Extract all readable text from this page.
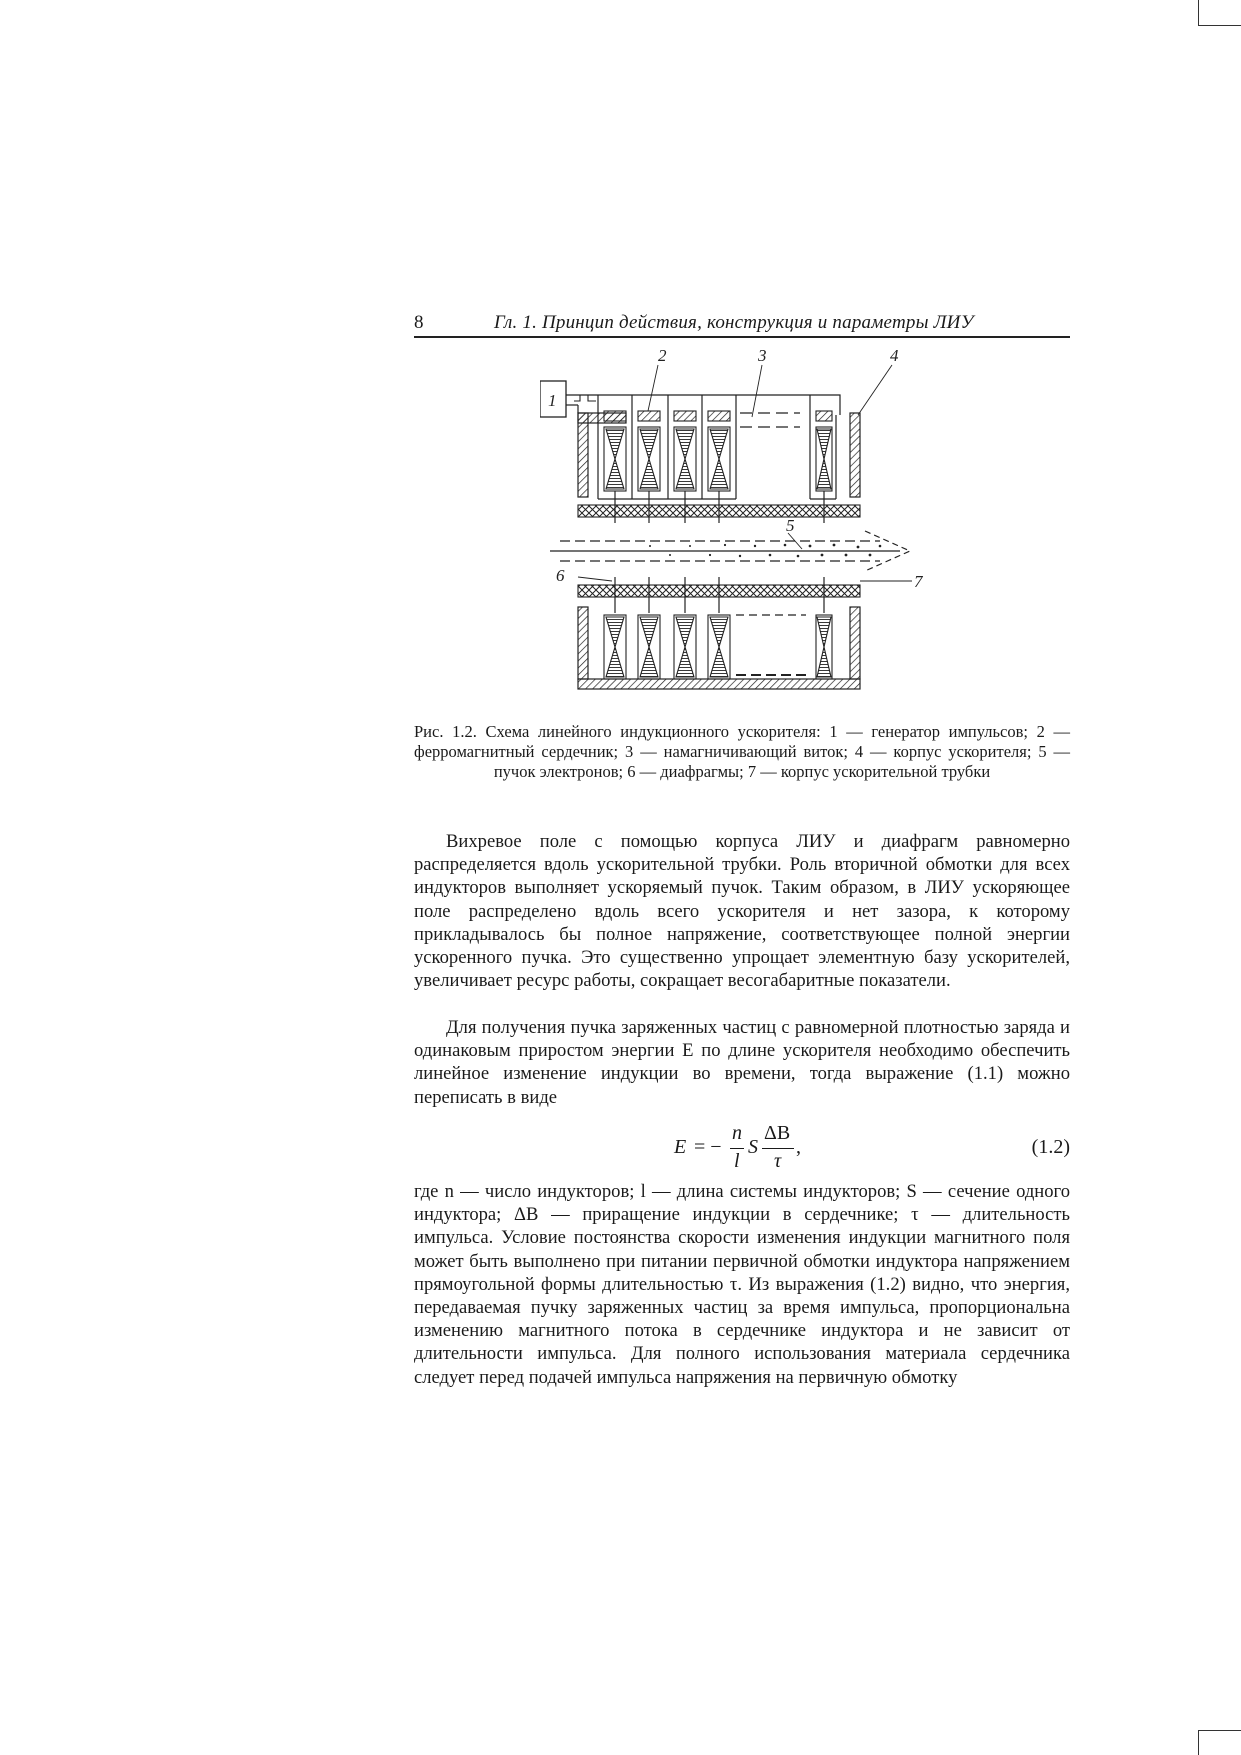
8	Гл. 1. Принцип действия, конструкция и параметры ЛИУ
1
2	3	4
5
6	7
Рис. 1.2. Схема линейного индукционного ускорителя: 1 — генератор импульсов; 2 — ферромагнитный сердечник; 3 — намагничивающий виток; 4 — корпус ускорителя; 5 — пучок электронов; 6 — диафрагмы; 7 — корпус ускорительной трубки

Вихревое поле с помощью корпуса ЛИУ и диафрагм равномерно распределяется вдоль ускорительной трубки. Роль вторичной обмотки для всех индукторов выполняет ускоряемый пучок. Таким образом, в ЛИУ ускоряющее поле распределено вдоль всего ускорителя и нет зазора, к которому прикладывалось бы полное напряжение, соответствующее полной энергии ускоренного пучка. Это существенно упрощает элементную базу ускорителей, увеличивает ресурс работы, сокращает весогабаритные показатели.

Для получения пучка заряженных частиц с равномерной плотностью заряда и одинаковым приростом энергии E по длине ускорителя необходимо обеспечить линейное изменение индукции во времени, тогда выражение (1.1) можно переписать в виде

E = −
n
l
S
ΔB
τ
,	(1.2)

где n — число индукторов; l — длина системы индукторов; S — сечение одного индуктора; ΔB — приращение индукции в сердечнике; τ — длительность импульса. Условие постоянства скорости изменения индукции магнитного поля может быть выполнено при питании первичной обмотки индуктора напряжением прямоугольной формы длительностью τ. Из выражения (1.2) видно, что энергия, передаваемая пучку заряженных частиц за время импульса, пропорциональна изменению магнитного потока в сердечнике индуктора и не зависит от длительности импульса. Для полного использования материала сердечника следует перед подачей импульса напряжения на первичную обмотку
